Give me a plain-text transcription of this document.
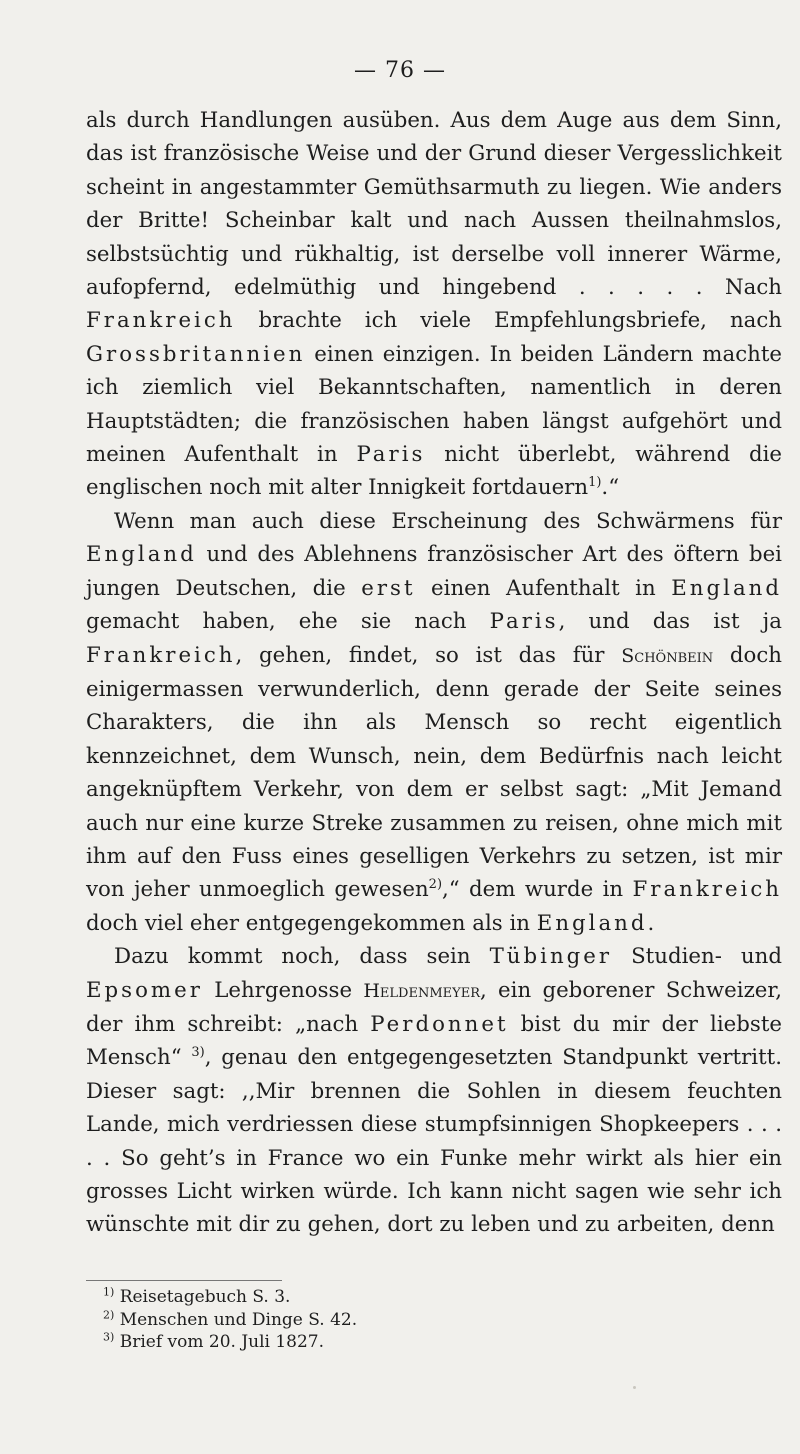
— 76 —

als durch Handlungen ausüben. Aus dem Auge aus dem Sinn, das ist französische Weise und der Grund dieser Vergesslichkeit scheint in angestammter Gemüthsarmuth zu liegen. Wie anders der Britte! Scheinbar kalt und nach Aussen theilnahmslos, selbstsüchtig und rükhaltig, ist derselbe voll innerer Wärme, aufopfernd, edelmüthig und hingebend . . . . . Nach Frankreich brachte ich viele Empfehlungsbriefe, nach Grossbritannien einen einzigen. In beiden Ländern machte ich ziemlich viel Bekanntschaften, namentlich in deren Hauptstädten; die französischen haben längst aufgehört und meinen Aufenthalt in Paris nicht überlebt, während die englischen noch mit alter Innigkeit fortdauern$^{1)}$.“

Wenn man auch diese Erscheinung des Schwärmens für England und des Ablehnens französischer Art des öftern bei jungen Deutschen, die erst einen Aufenthalt in England gemacht haben, ehe sie nach Paris, und das ist ja Frankreich, gehen, findet, so ist das für Schönbein doch einigermassen verwunderlich, denn gerade der Seite seines Charakters, die ihn als Mensch so recht eigentlich kennzeichnet, dem Wunsch, nein, dem Bedürfnis nach leicht angeknüpftem Verkehr, von dem er selbst sagt: „Mit Jemand auch nur eine kurze Streke zusammen zu reisen, ohne mich mit ihm auf den Fuss eines geselligen Verkehrs zu setzen, ist mir von jeher unmoeglich gewesen$^{2)}$,“ dem wurde in Frankreich doch viel eher entgegengekommen als in England.

Dazu kommt noch, dass sein Tübinger Studien- und Epsomer Lehrgenosse Heldenmeyer, ein geborener Schweizer, der ihm schreibt: „nach Perdonnet bist du mir der liebste Mensch“ $^{3)}$, genau den entgegengesetzten Standpunkt vertritt. Dieser sagt: ,,Mir brennen die Sohlen in diesem feuchten Lande, mich verdriessen diese stumpfsinnigen Shopkeepers . . . . . So geht’s in France wo ein Funke mehr wirkt als hier ein grosses Licht wirken würde. Ich kann nicht sagen wie sehr ich wünschte mit dir zu gehen, dort zu leben und zu arbeiten, denn

$^{1)}$ Reisetagebuch S. 3.
$^{2)}$ Menschen und Dinge S. 42.
$^{3)}$ Brief vom 20. Juli 1827.
